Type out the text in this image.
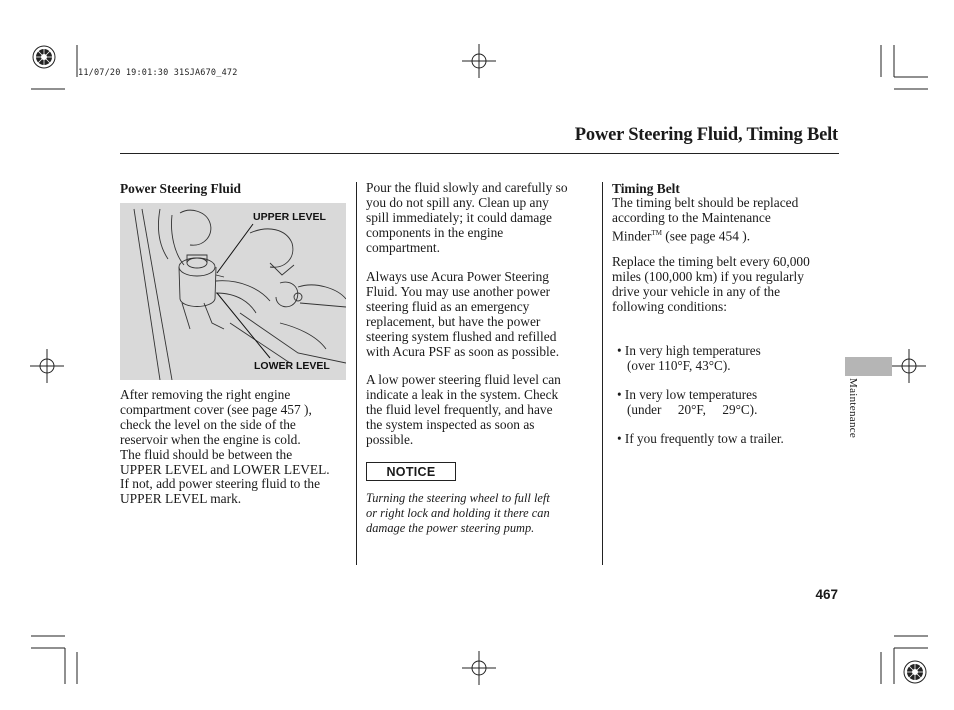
11/07/20 19:01:30 31SJA670_472
Power Steering Fluid, Timing Belt
Power Steering Fluid
UPPER LEVEL
LOWER LEVEL

After removing the right engine

compartment cover (see page 457 ),

check the level on the side of the

reservoir when the engine is cold.

The fluid should be between the

UPPER LEVEL and LOWER LEVEL.

If not, add power steering fluid to the

UPPER LEVEL mark.

Pour the fluid slowly and carefully so

you do not spill any. Clean up any

spill immediately; it could damage

components in the engine

compartment.

Always use Acura Power Steering

Fluid. You may use another power

steering fluid as an emergency

replacement, but have the power

steering system flushed and refilled

with Acura PSF as soon as possible.

A low power steering fluid level can

indicate a leak in the system. Check

the fluid level frequently, and have

the system inspected as soon as

possible.

NOTICE

Turning the steering wheel to full left

or right lock and holding it there can

damage the power steering pump.

Timing Belt

The timing belt should be replaced

according to the Maintenance

Minder™ (see page 454 ).

Replace the timing belt every 60,000

miles (100,000 km) if you regularly

drive your vehicle in any of the

following conditions:

• In very high temperatures

(over 110°F, 43°C).

• In very low temperatures

(under     20°F,     29°C).

• If you frequently tow a trailer.

Maintenance
467
